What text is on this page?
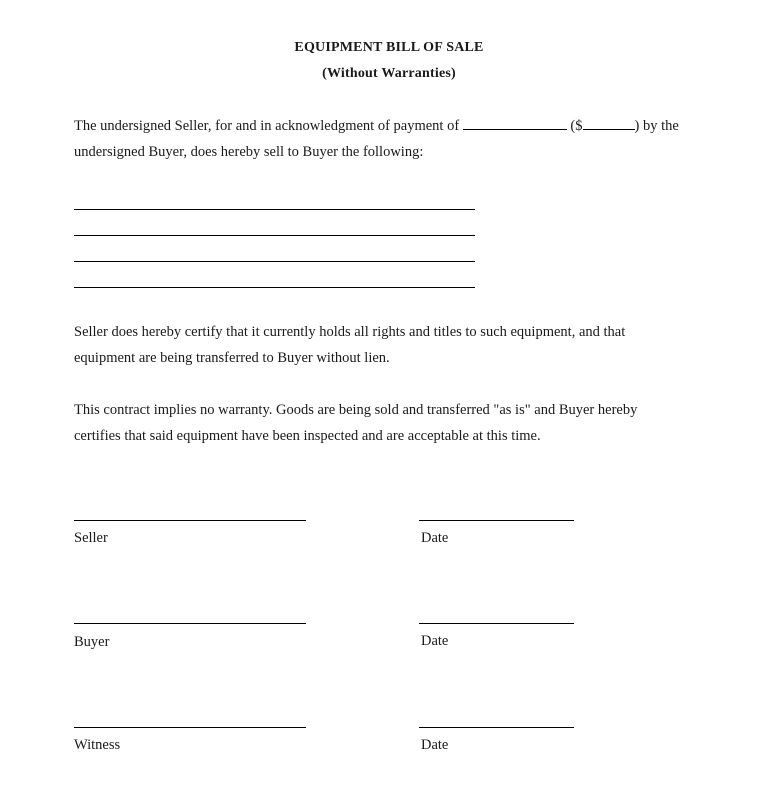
EQUIPMENT BILL OF SALE
(Without Warranties)
The undersigned Seller, for and in acknowledgment of payment of	($	) by the
undersigned Buyer, does hereby sell to Buyer the following:
Seller does hereby certify that it currently holds all rights and titles to such equipment, and that equipment are being transferred to Buyer without lien.
This contract implies no warranty. Goods are being sold and transferred "as is" and Buyer hereby certifies that said equipment have been inspected and are acceptable at this time.
Seller	Date
Buyer	Date
Witness	Date
